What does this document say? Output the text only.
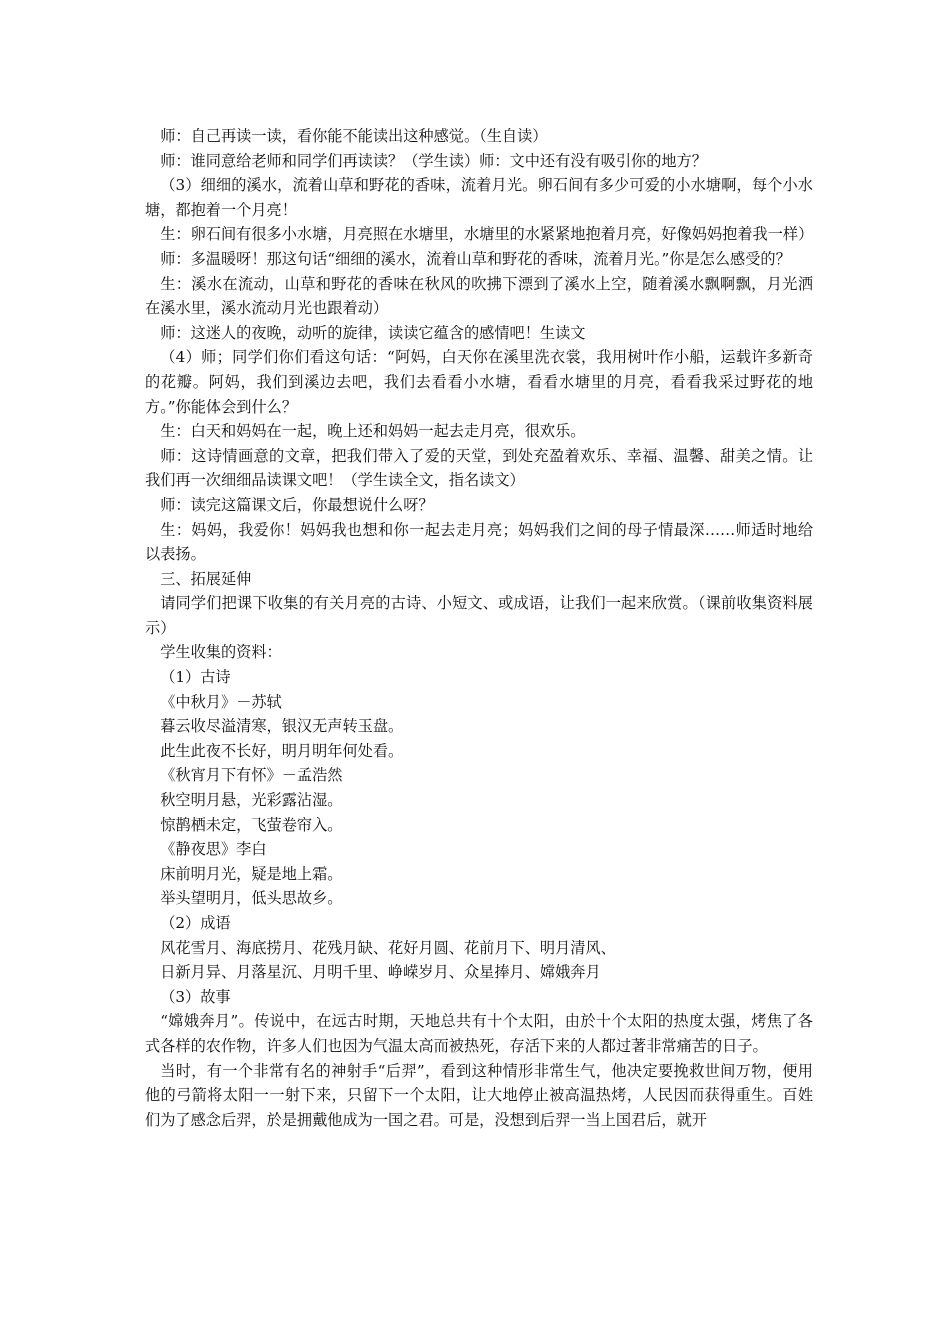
师：自己再读一读，看你能不能读出这种感觉。（生自读）

师：谁同意给老师和同学们再读读？（学生读）师：文中还有没有吸引你的地方？

（3）细细的溪水，流着山草和野花的香味，流着月光。卵石间有多少可爱的小水塘啊，每个小水塘，都抱着一个月亮！

生：卵石间有很多小水塘，月亮照在水塘里，水塘里的水紧紧地抱着月亮，好像妈妈抱着我一样）

师：多温暖呀！那这句话“细细的溪水，流着山草和野花的香味，流着月光。”你是怎么感受的？

生：溪水在流动，山草和野花的香味在秋风的吹拂下漂到了溪水上空，随着溪水飘啊飘，月光洒在溪水里，溪水流动月光也跟着动）

师：这迷人的夜晚，动听的旋律，读读它蕴含的感情吧！生读文

（4）师；同学们你们看这句话：“阿妈，白天你在溪里洗衣裳，我用树叶作小船，运载许多新奇的花瓣。阿妈，我们到溪边去吧，我们去看看小水塘，看看水塘里的月亮，看看我采过野花的地方。”你能体会到什么？

生：白天和妈妈在一起，晚上还和妈妈一起去走月亮，很欢乐。

师：这诗情画意的文章，把我们带入了爱的天堂，到处充盈着欢乐、幸福、温馨、甜美之情。让我们再一次细细品读课文吧！（学生读全文，指名读文）

师：读完这篇课文后，你最想说什么呀？

生：妈妈，我爱你！妈妈我也想和你一起去走月亮；妈妈我们之间的母子情最深……师适时地给以表扬。

三、拓展延伸

请同学们把课下收集的有关月亮的古诗、小短文、或成语，让我们一起来欣赏。（课前收集资料展示）

学生收集的资料：

（1）古诗

《中秋月》－苏轼

暮云收尽溢清寒，银汉无声转玉盘。

此生此夜不长好，明月明年何处看。

《秋宵月下有怀》－孟浩然

秋空明月悬，光彩露沾湿。

惊鹊栖未定，飞萤卷帘入。

《静夜思》李白

床前明月光，疑是地上霜。

举头望明月，低头思故乡。

（2）成语

风花雪月、海底捞月、花残月缺、花好月圆、花前月下、明月清风、

日新月异、月落星沉、月明千里、峥嵘岁月、众星捧月、嫦娥奔月

（3）故事

“嫦娥奔月”。传说中，在远古时期，天地总共有十个太阳，由於十个太阳的热度太强，烤焦了各式各样的农作物，许多人们也因为气温太高而被热死，存活下来的人都过著非常痛苦的日子。

当时，有一个非常有名的神射手“后羿”，看到这种情形非常生气，他决定要挽救世间万物，便用他的弓箭将太阳一一射下来，只留下一个太阳，让大地停止被高温热烤，人民因而获得重生。百姓们为了感念后羿，於是拥戴他成为一国之君。可是，没想到后羿一当上国君后，就开
